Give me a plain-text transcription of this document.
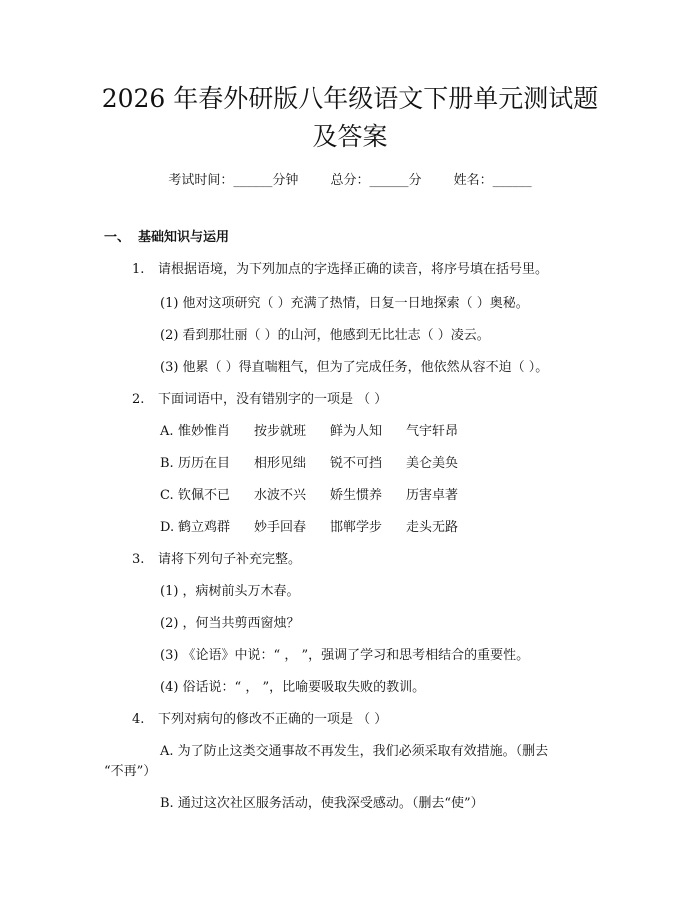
2026 年春外研版八年级语文下册单元测试题
及答案
考试时间：______分钟 总分：______分 姓名：______
一、 基础知识与运用
1. 请根据语境，为下列加点的字选择正确的读音，将序号填在括号里。
(1) 他对这项研究（ ）充满了热情，日复一日地探索（ ）奥秘。
(2) 看到那壮丽（ ）的山河，他感到无比壮志（ ）凌云。
(3) 他累（ ）得直喘粗气，但为了完成任务，他依然从容不迫（ ）。
2. 下面词语中，没有错别字的一项是 （ ）
A. 惟妙惟肖 按步就班 鲜为人知 气宇轩昂
B. 历历在目 相形见绌 锐不可挡 美仑美奂
C. 钦佩不已 水波不兴 娇生惯养 历害卓著
D. 鹤立鸡群 妙手回春 邯郸学步 走头无路
3. 请将下列句子补充完整。
(1) ，病树前头万木春。
(2) ，何当共剪西窗烛？
(3) 《论语》中说：“ ， ”，强调了学习和思考相结合的重要性。
(4) 俗话说：“ ， ”，比喻要吸取失败的教训。
4. 下列对病句的修改不正确的一项是 （ ）
A. 为了防止这类交通事故不再发生，我们必须采取有效措施。（删去
“不再”）
B. 通过这次社区服务活动，使我深受感动。（删去“使”）
